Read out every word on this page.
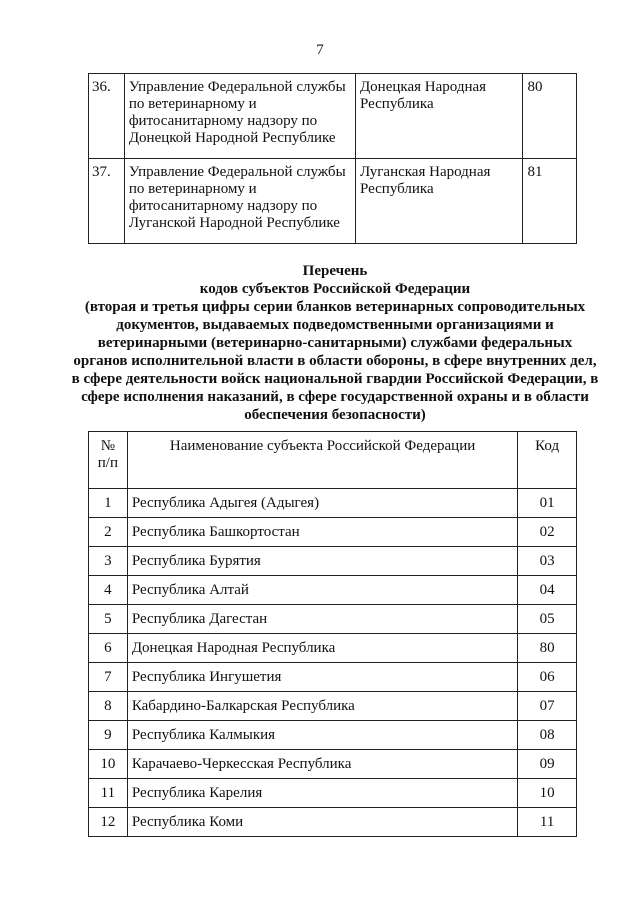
7
36.	Управление Федеральной службы по ветеринарному и фитосанитарному надзору по Донецкой Народной Республике	Донецкая Народная Республика	80
37.	Управление Федеральной службы по ветеринарному и фитосанитарному надзору по Луганской Народной Республике	Луганская Народная Республика	81
Перечень
кодов субъектов Российской Федерации
(вторая и третья цифры серии бланков ветеринарных сопроводительных документов, выдаваемых подведомственными организациями и ветеринарными (ветеринарно-санитарными) службами федеральных органов исполнительной власти в области обороны, в сфере внутренних дел, в сфере деятельности войск национальной гвардии Российской Федерации, в сфере исполнения наказаний, в сфере государственной охраны и в области обеспечения безопасности)
№ п/п	Наименование субъекта Российской Федерации	Код
1	Республика Адыгея (Адыгея)	01
2	Республика Башкортостан	02
3	Республика Бурятия	03
4	Республика Алтай	04
5	Республика Дагестан	05
6	Донецкая Народная Республика	80
7	Республика Ингушетия	06
8	Кабардино-Балкарская Республика	07
9	Республика Калмыкия	08
10	Карачаево-Черкесская Республика	09
11	Республика Карелия	10
12	Республика Коми	11
